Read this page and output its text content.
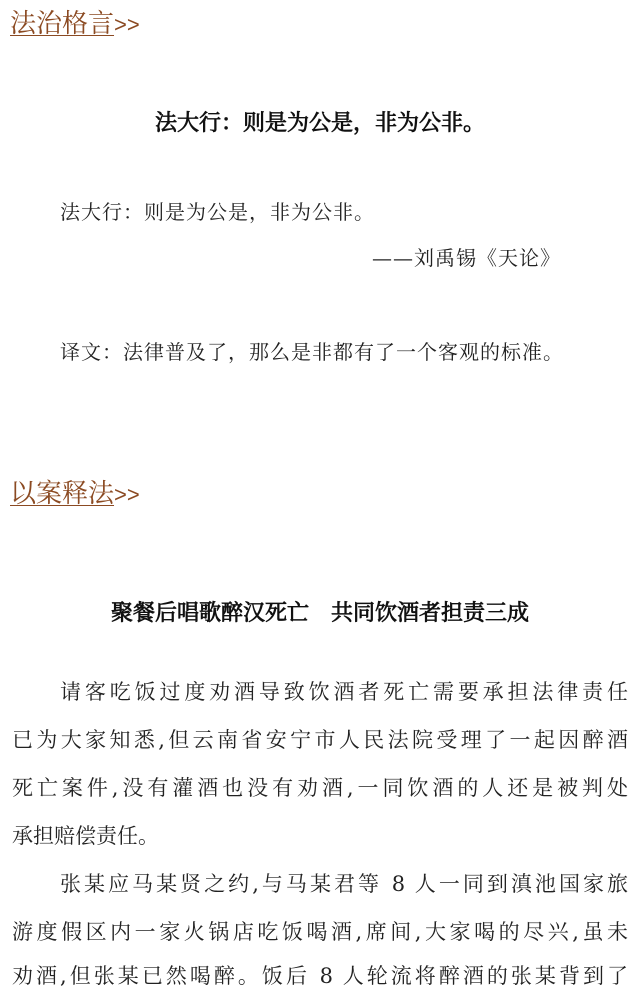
法治格言>>
法大行：则是为公是，非为公非。
法大行：则是为公是，非为公非。
——刘禹锡《天论》
译文：法律普及了，那么是非都有了一个客观的标准。
以案释法>>
聚餐后唱歌醉汉死亡　共同饮酒者担责三成
请客吃饭过度劝酒导致饮酒者死亡需要承担法律责任
已为大家知悉,但云南省安宁市人民法院受理了一起因醉酒
死亡案件,没有灌酒也没有劝酒,一同饮酒的人还是被判处
承担赔偿责任。
张某应马某贤之约,与马某君等 8 人一同到滇池国家旅
游度假区内一家火锅店吃饭喝酒,席间,大家喝的尽兴,虽未
劝酒,但张某已然喝醉。饭后 8 人轮流将醉酒的张某背到了
